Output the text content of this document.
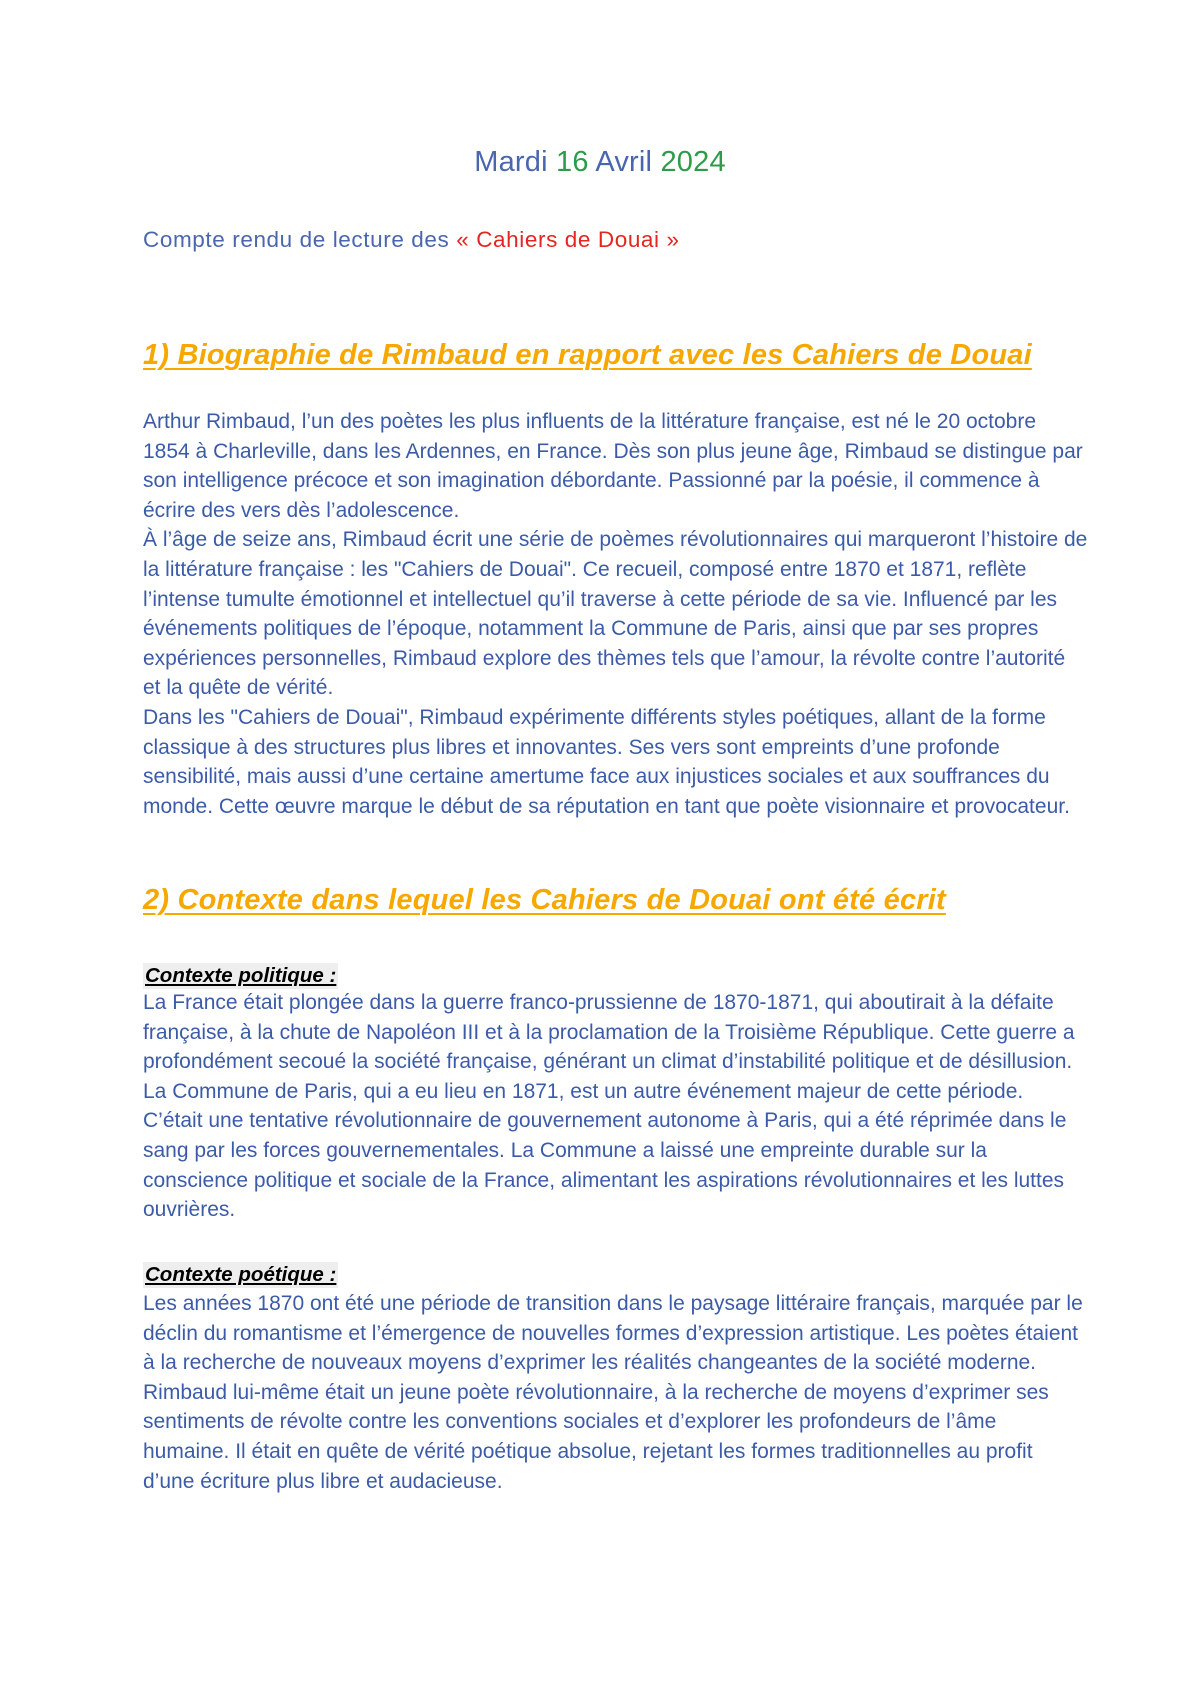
Mardi 16 Avril 2024
Compte rendu de lecture des « Cahiers de Douai »
1) Biographie de Rimbaud en rapport avec les Cahiers de Douai

Arthur Rimbaud, l’un des poètes les plus influents de la littérature française, est né le 20 octobre 1854 à Charleville, dans les Ardennes, en France. Dès son plus jeune âge, Rimbaud se distingue par son intelligence précoce et son imagination débordante. Passionné par la poésie, il commence à écrire des vers dès l’adolescence.

À l’âge de seize ans, Rimbaud écrit une série de poèmes révolutionnaires qui marqueront l’histoire de la littérature française : les "Cahiers de Douai". Ce recueil, composé entre 1870 et 1871, reflète l’intense tumulte émotionnel et intellectuel qu’il traverse à cette période de sa vie. Influencé par les événements politiques de l’époque, notamment la Commune de Paris, ainsi que par ses propres expériences personnelles, Rimbaud explore des thèmes tels que l’amour, la révolte contre l’autorité et la quête de vérité.

Dans les "Cahiers de Douai", Rimbaud expérimente différents styles poétiques, allant de la forme classique à des structures plus libres et innovantes. Ses vers sont empreints d’une profonde sensibilité, mais aussi d’une certaine amertume face aux injustices sociales et aux souffrances du monde. Cette œuvre marque le début de sa réputation en tant que poète visionnaire et provocateur.

2) Contexte dans lequel les Cahiers de Douai ont été écrit
Contexte politique :

La France était plongée dans la guerre franco-prussienne de 1870-1871, qui aboutirait à la défaite française, à la chute de Napoléon III et à la proclamation de la Troisième République. Cette guerre a profondément secoué la société française, générant un climat d’instabilité politique et de désillusion.

La Commune de Paris, qui a eu lieu en 1871, est un autre événement majeur de cette période. C’était une tentative révolutionnaire de gouvernement autonome à Paris, qui a été réprimée dans le sang par les forces gouvernementales. La Commune a laissé une empreinte durable sur la conscience politique et sociale de la France, alimentant les aspirations révolutionnaires et les luttes ouvrières.

Contexte poétique :

Les années 1870 ont été une période de transition dans le paysage littéraire français, marquée par le déclin du romantisme et l’émergence de nouvelles formes d’expression artistique. Les poètes étaient à la recherche de nouveaux moyens d’exprimer les réalités changeantes de la société moderne.

Rimbaud lui-même était un jeune poète révolutionnaire, à la recherche de moyens d’exprimer ses sentiments de révolte contre les conventions sociales et d’explorer les profondeurs de l’âme humaine. Il était en quête de vérité poétique absolue, rejetant les formes traditionnelles au profit d’une écriture plus libre et audacieuse.
